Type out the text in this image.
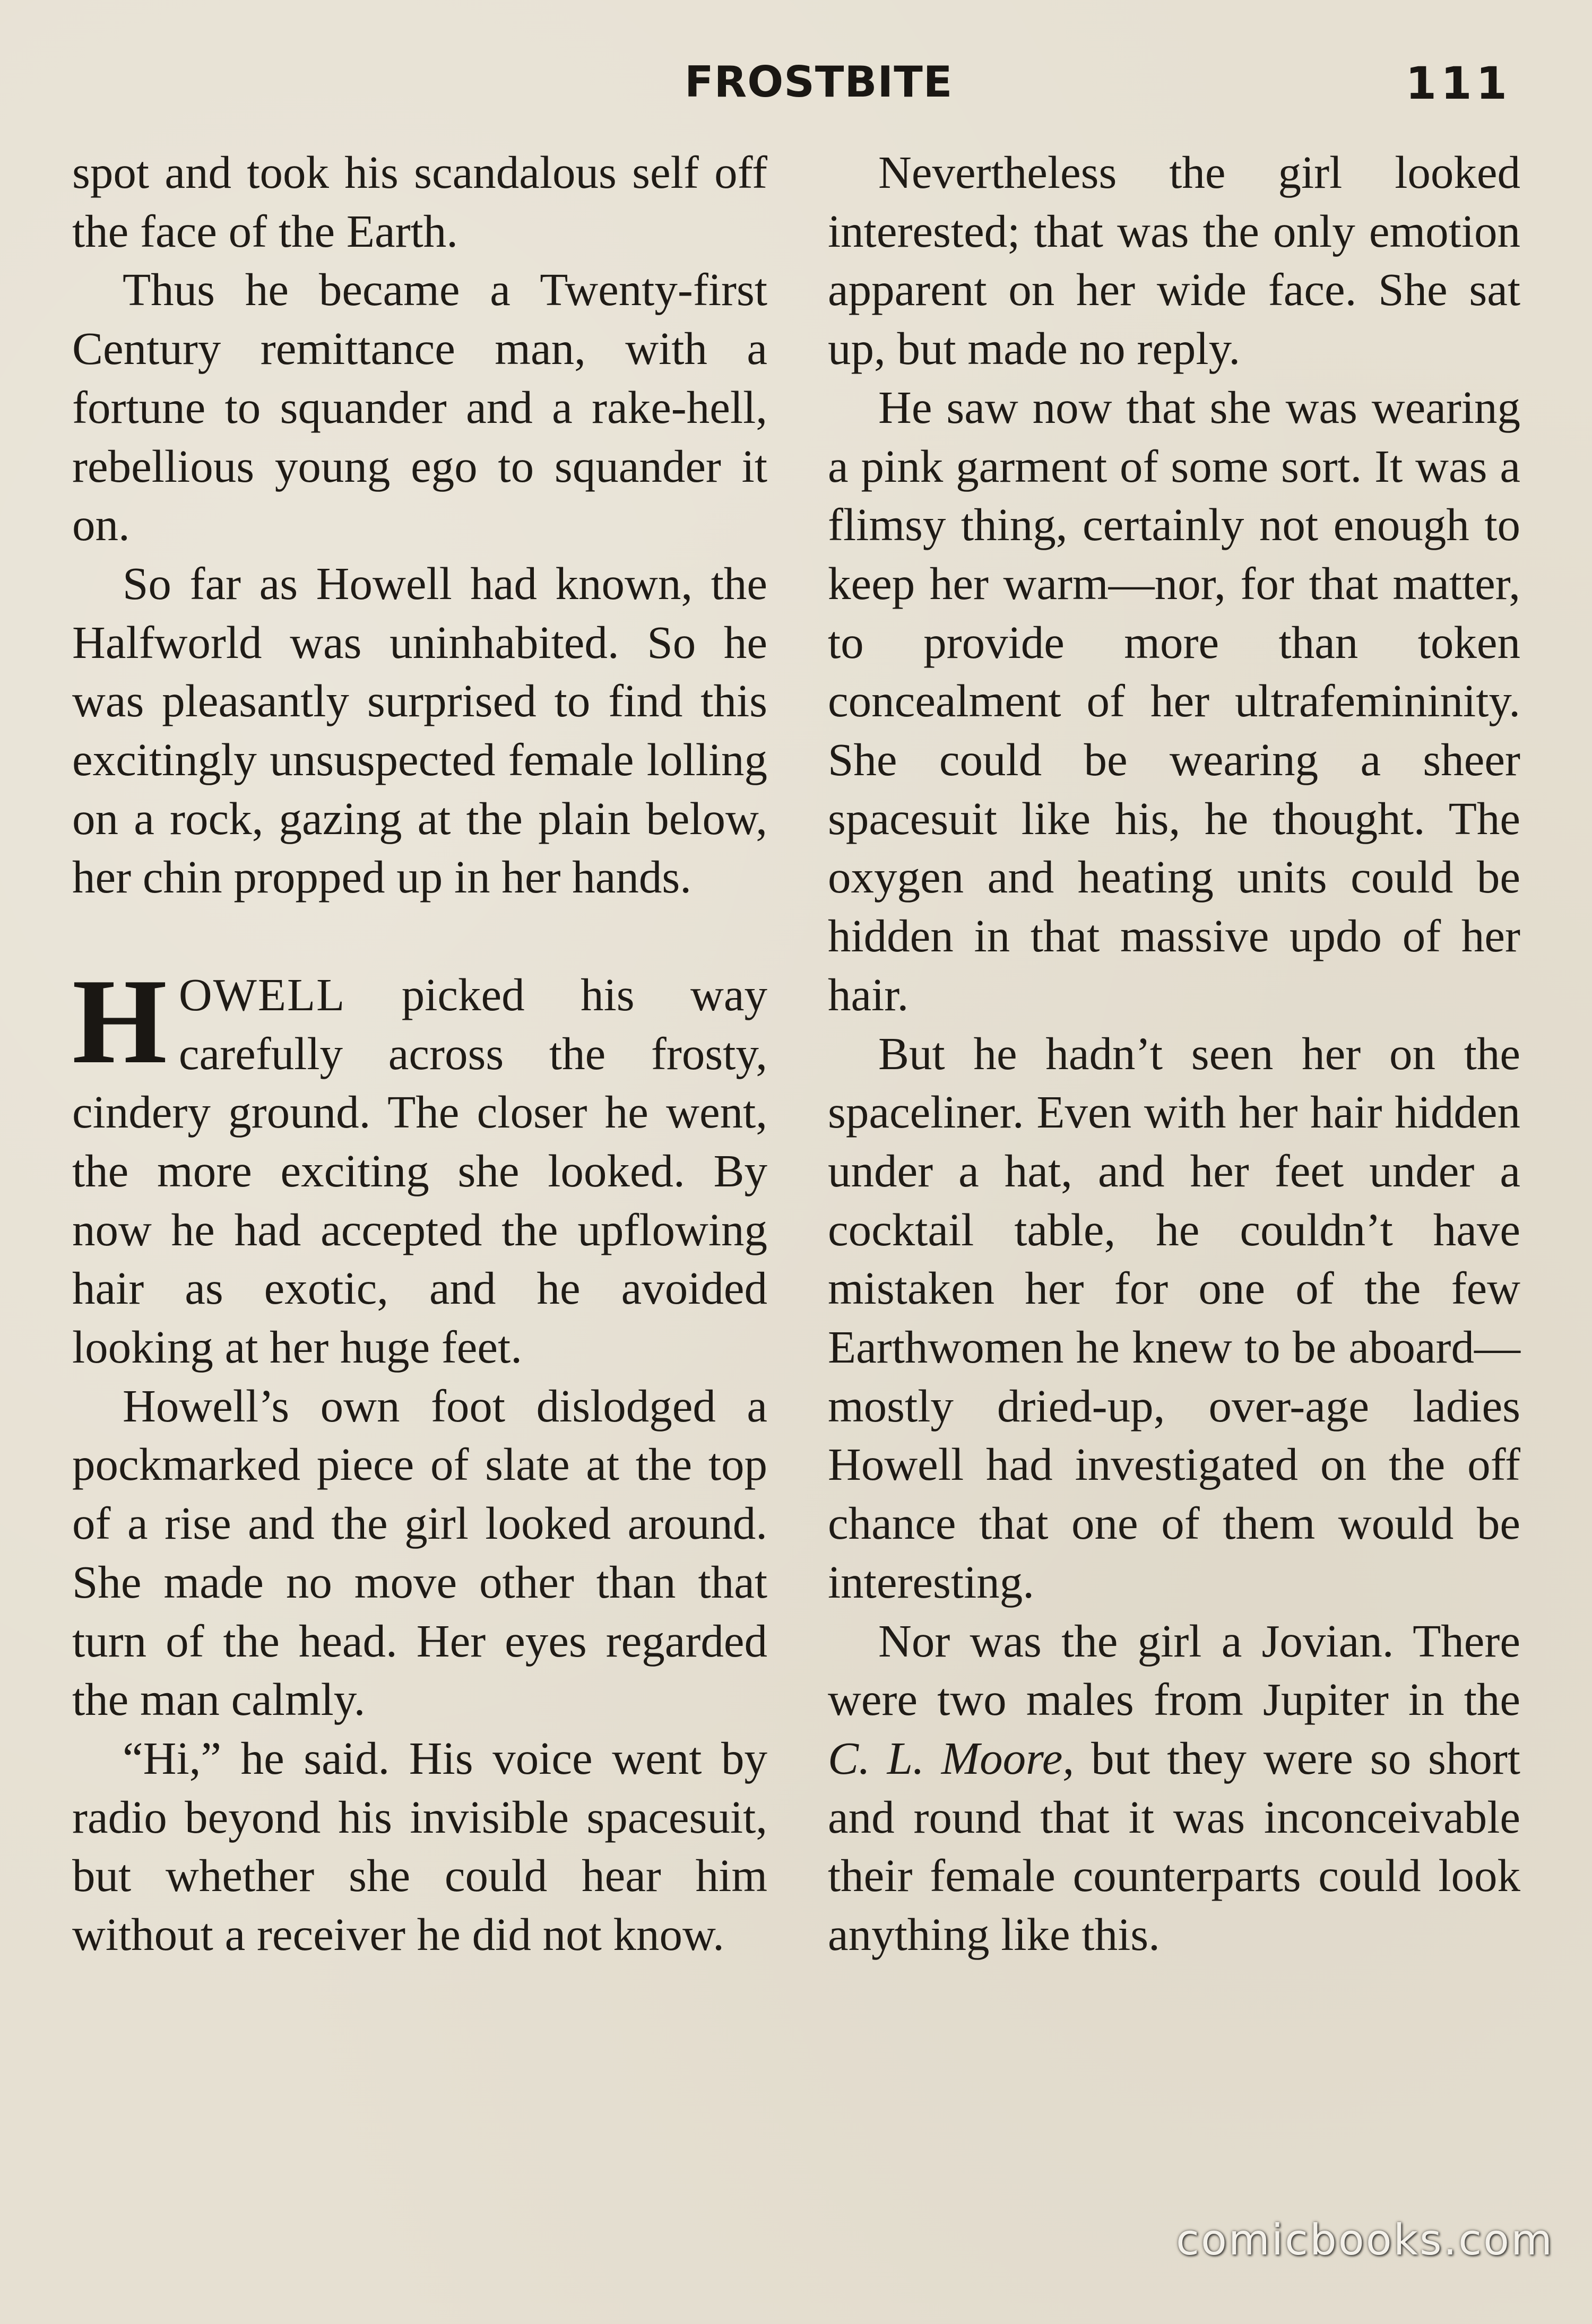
FROSTBITE	111

spot and took his scandalous self off the face of the Earth.

Thus he became a Twenty-first Century remittance man, with a fortune to squander and a rake-hell, rebellious young ego to squander it on.

So far as Howell had known, the Halfworld was uninhabited. So he was pleasantly surprised to find this excitingly unsuspected female lolling on a rock, gazing at the plain below, her chin propped up in her hands.

HOWELL picked his way carefully across the frosty, cindery ground. The closer he went, the more exciting she looked. By now he had accepted the upflowing hair as exotic, and he avoided looking at her huge feet.

Howell’s own foot dislodged a pockmarked piece of slate at the top of a rise and the girl looked around. She made no move other than that turn of the head. Her eyes regarded the man calmly.

“Hi,” he said. His voice went by radio beyond his invisible spacesuit, but whether she could hear him without a receiver he did not know.

Nevertheless the girl looked interested; that was the only emotion apparent on her wide face. She sat up, but made no reply.

He saw now that she was wearing a pink garment of some sort. It was a flimsy thing, certainly not enough to keep her warm—nor, for that matter, to provide more than token concealment of her ultrafemininity. She could be wearing a sheer spacesuit like his, he thought. The oxygen and heating units could be hidden in that massive updo of her hair.

But he hadn’t seen her on the spaceliner. Even with her hair hidden under a hat, and her feet under a cocktail table, he couldn’t have mistaken her for one of the few Earthwomen he knew to be aboard—mostly dried-up, over-age ladies Howell had investigated on the off chance that one of them would be interesting.

Nor was the girl a Jovian. There were two males from Jupiter in the C. L. Moore, but they were so short and round that it was inconceivable their female counterparts could look anything like this.

comicbooks.com
